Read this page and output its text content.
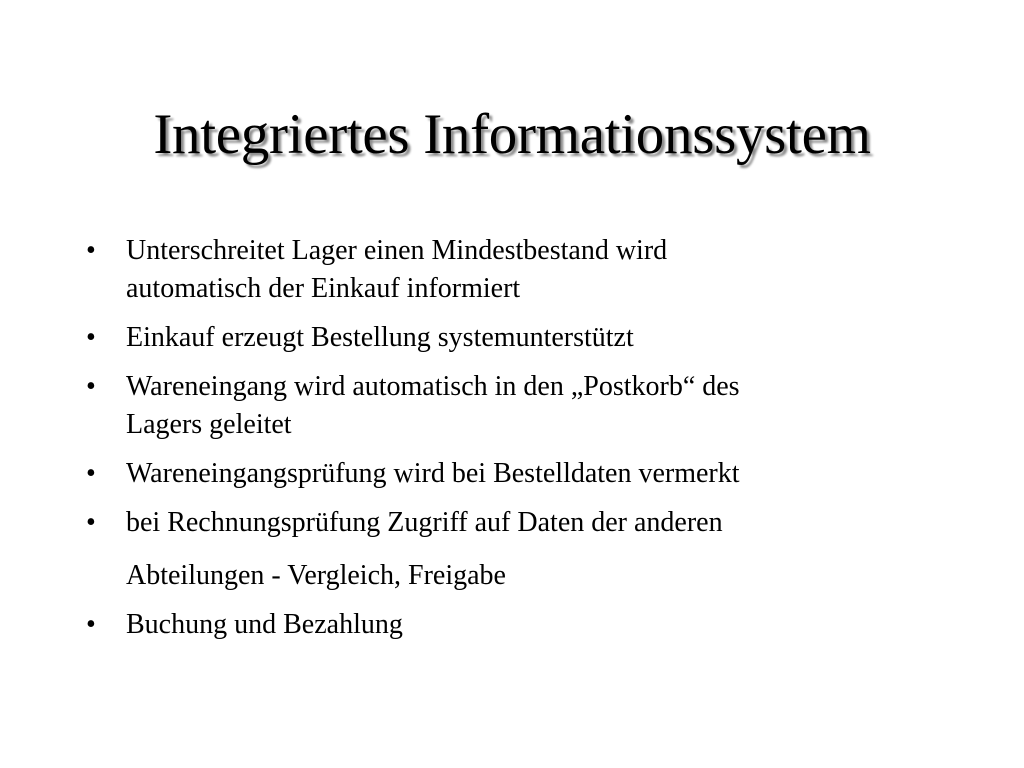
Integriertes Informationssystem
•	Unterschreitet Lager einen Mindestbestand wird
automatisch der Einkauf informiert
•	Einkauf erzeugt Bestellung systemunterstützt
•	Wareneingang wird automatisch in den „Postkorb“ des
Lagers geleitet
•	Wareneingangsprüfung wird bei Bestelldaten vermerkt
•	bei Rechnungsprüfung Zugriff auf Daten der anderen
Abteilungen - Vergleich, Freigabe
•	Buchung und Bezahlung
